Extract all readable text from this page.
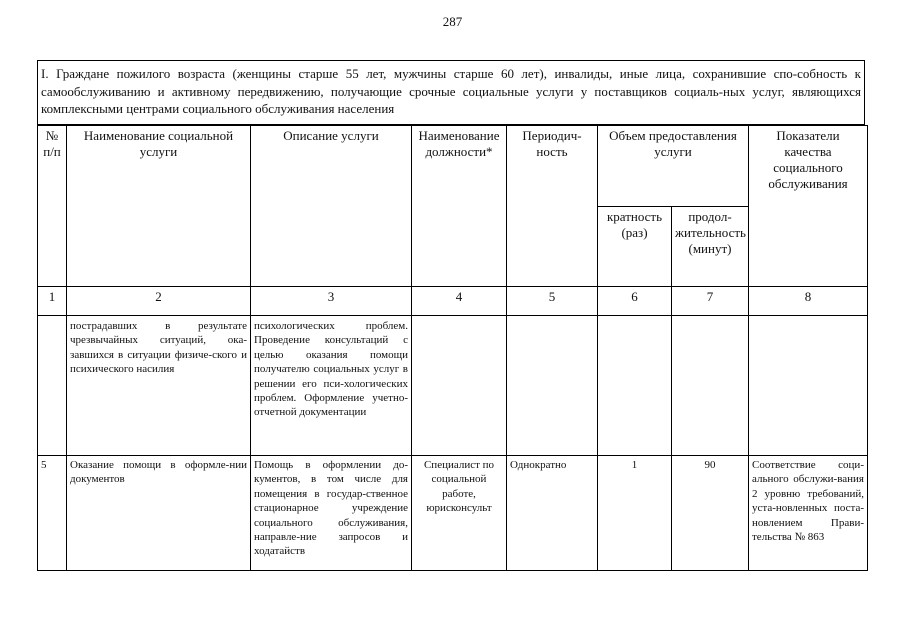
287
I. Граждане пожилого возраста (женщины старше 55 лет, мужчины старше 60 лет), инвалиды, иные лица, сохранившие спо-собность к самообслуживанию и активному передвижению, получающие срочные социальные услуги у поставщиков социаль-ных услуг, являющихся комплексными центрами социального обслуживания населения
№ п/п	Наименование социальной услуги	Описание услуги	Наименование должности*	Периодич-ность	Объем предоставления услуги		Показатели качества социального обслуживания
					кратность (раз)	продол-жительность (минут)	
1	2	3	4	5	6	7	8
	пострадавших в результате чрезвычайных ситуаций, ока-завшихся в ситуации физиче-ского и психического насилия	психологических проблем. Проведение консультаций с целью оказания помощи получателю социальных услуг в решении его пси-хологических проблем. Оформление учетно-отчетной документации					
5	Оказание помощи в оформле-нии документов	Помощь в оформлении до-кументов, в том числе для помещения в государ-ственное стационарное учреждение социального обслуживания, направле-ние запросов и ходатайств	Специалист по социальной работе, юрисконсульт	Однократно	1	90	Соответствие соци-ального обслужи-вания 2 уровню требований, уста-новленных поста-новлением Прави-тельства № 863
